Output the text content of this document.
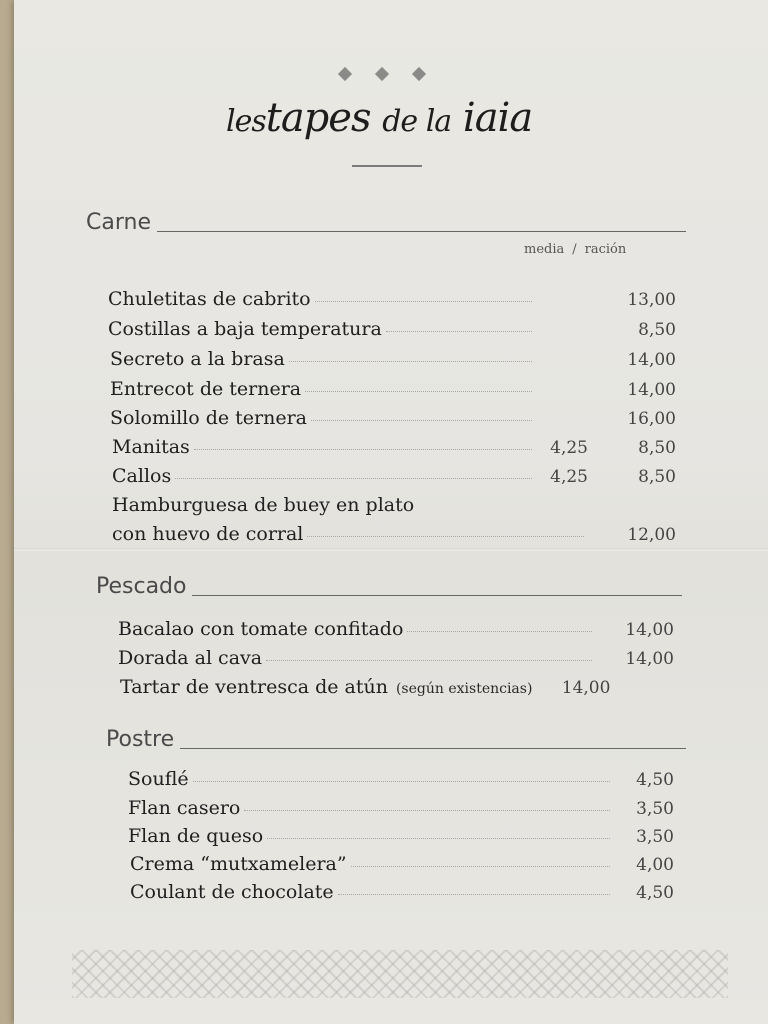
lestapes de la iaia
Carne
media / ración
Chuletitas de cabrito	13,00
Costillas a baja temperatura	8,50
Secreto a la brasa	14,00
Entrecot de ternera	14,00
Solomillo de ternera	16,00
Manitas	4,25	8,50
Callos	4,25	8,50
Hamburguesa de buey en plato
con huevo de corral	12,00
Pescado
Bacalao con tomate confitado	14,00
Dorada al cava	14,00
Tartar de ventresca de atún (según existencias)	14,00
Postre
Souflé	4,50
Flan casero	3,50
Flan de queso	3,50
Crema “mutxamelera”	4,00
Coulant de chocolate	4,50
